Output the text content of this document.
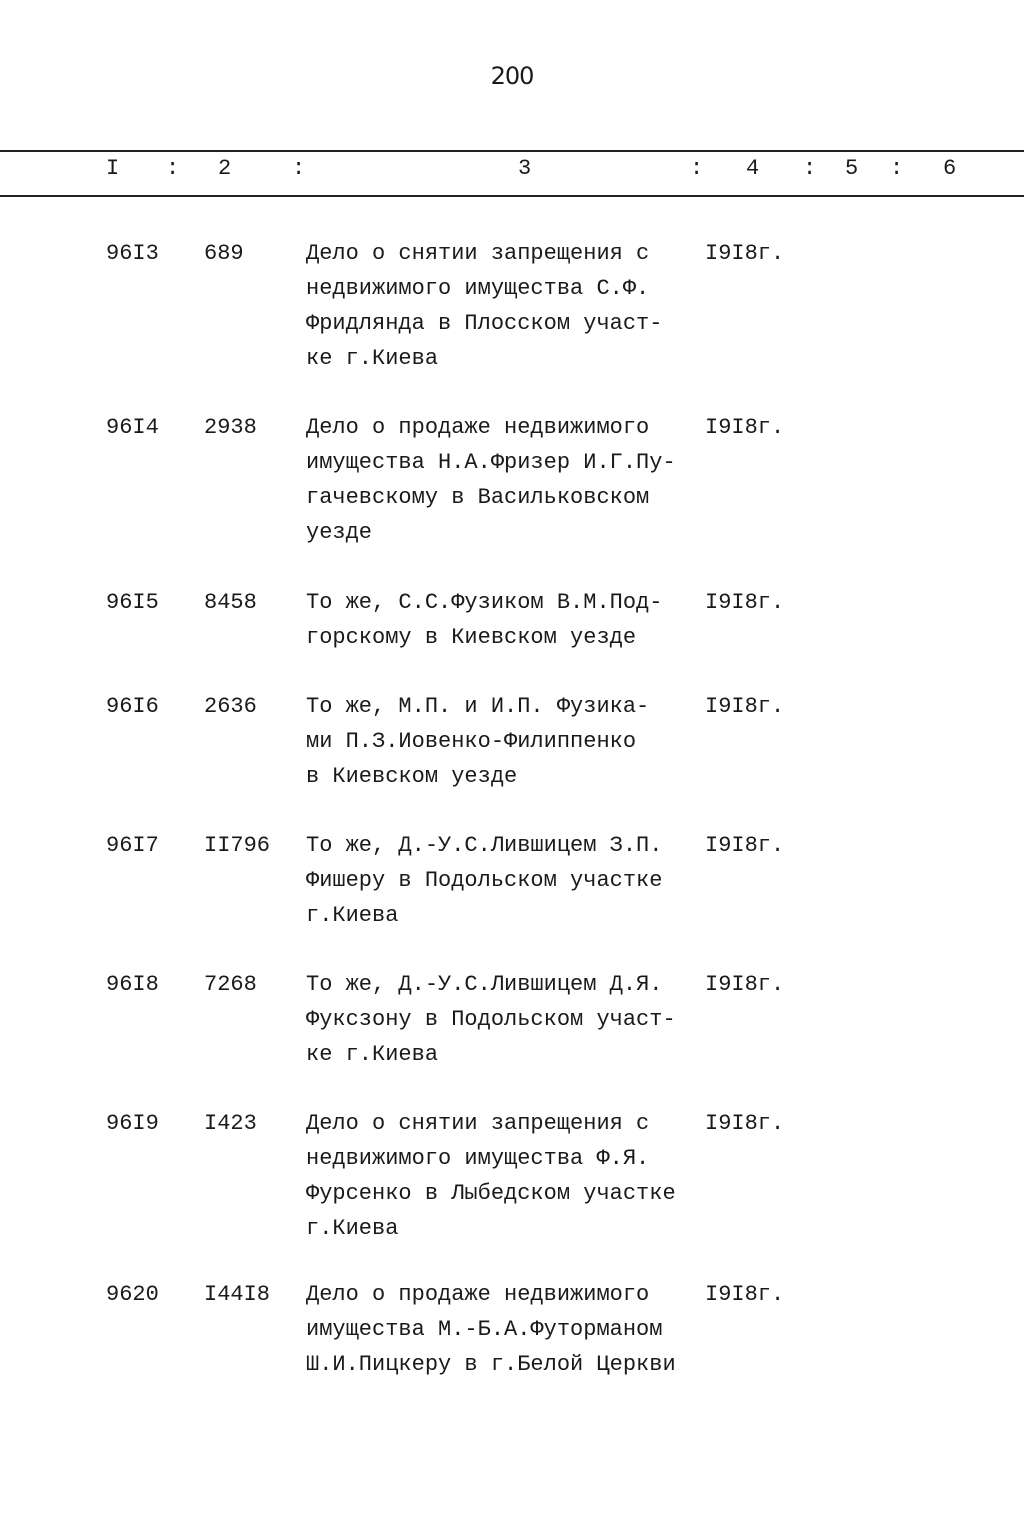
200
I : 2	:	3	: 4 : 5 : 6
96I3 689	Дело о снятии запрещения с
недвижимого имущества С.Ф.
Фридлянда в Плосском участ-
ке г.Киева
I9I8г.
96I4 2938 Дело о продаже недвижимого
имущества Н.А.Фризер И.Г.Пу-
гачевскому в Васильковском
уезде
I9I8г.
96I5 8458 То же, С.С.Фузиком В.М.Под-
горскому в Киевском уезде
I9I8г.
96I6 2636 То же, М.П. и И.П. Фузика-
ми П.З.Иовенко-Филиппенко
в Киевском уезде
I9I8г.
96I7 II796 То же, Д.-У.С.Лившицем З.П.
Фишеру в Подольском участке
г.Киева
I9I8г.
96I8 7268 То же, Д.-У.С.Лившицем Д.Я.
Фуксзону в Подольском участ-
ке г.Киева
I9I8г.
96I9 I423 Дело о снятии запрещения с
недвижимого имущества Ф.Я.
Фурсенко в Лыбедском участке
г.Киева
I9I8г.
9620 I44I8 Дело о продаже недвижимого
имущества М.-Б.А.Футорманом
Ш.И.Пицкеру в г.Белой Церкви
I9I8г.
